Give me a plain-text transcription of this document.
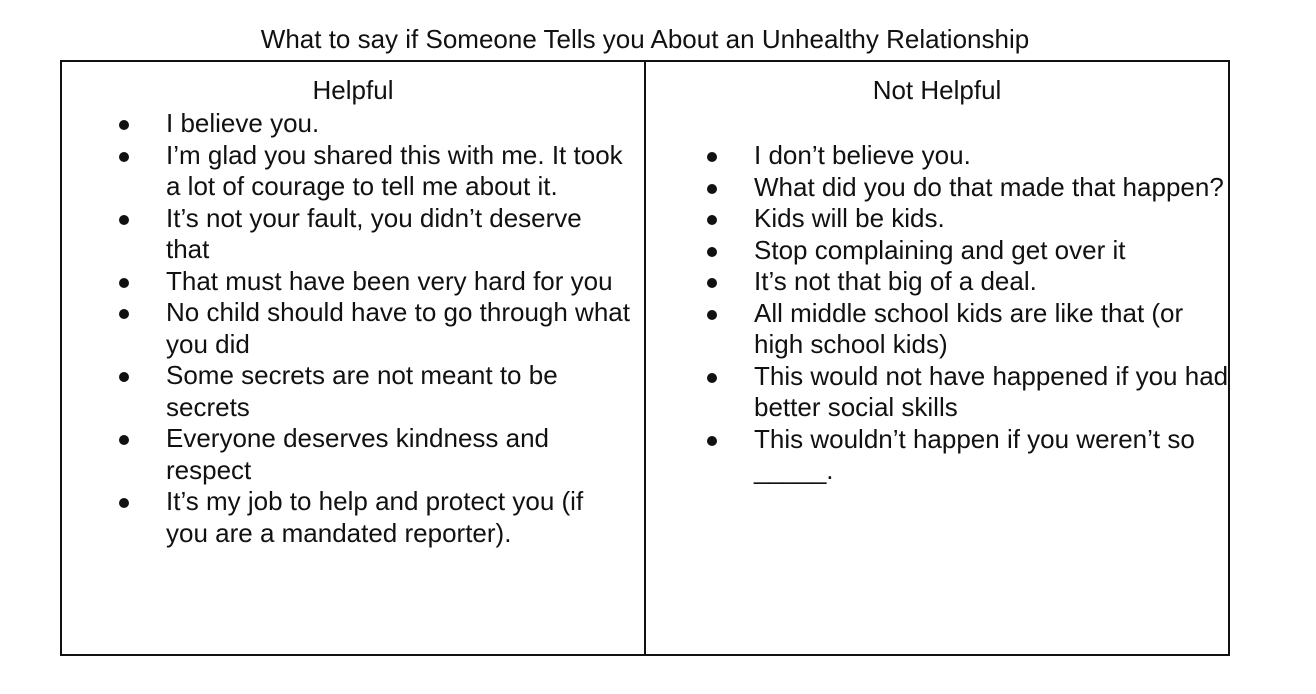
What to say if Someone Tells you About an Unhealthy Relationship
Helpful
I believe you.
I’m glad you shared this with me. It took a lot of courage to tell me about it.
It’s not your fault, you didn’t deserve that
That must have been very hard for you
No child should have to go through what you did
Some secrets are not meant to be secrets
Everyone deserves kindness and respect
It’s my job to help and protect you (if you are a mandated reporter).
Not Helpful
I don’t believe you.
What did you do that made that happen?
Kids will be kids.
Stop complaining and get over it
It’s not that big of a deal.
All middle school kids are like that (or high school kids)
This would not have happened if you had better social skills
This wouldn’t happen if you weren’t so _____.
